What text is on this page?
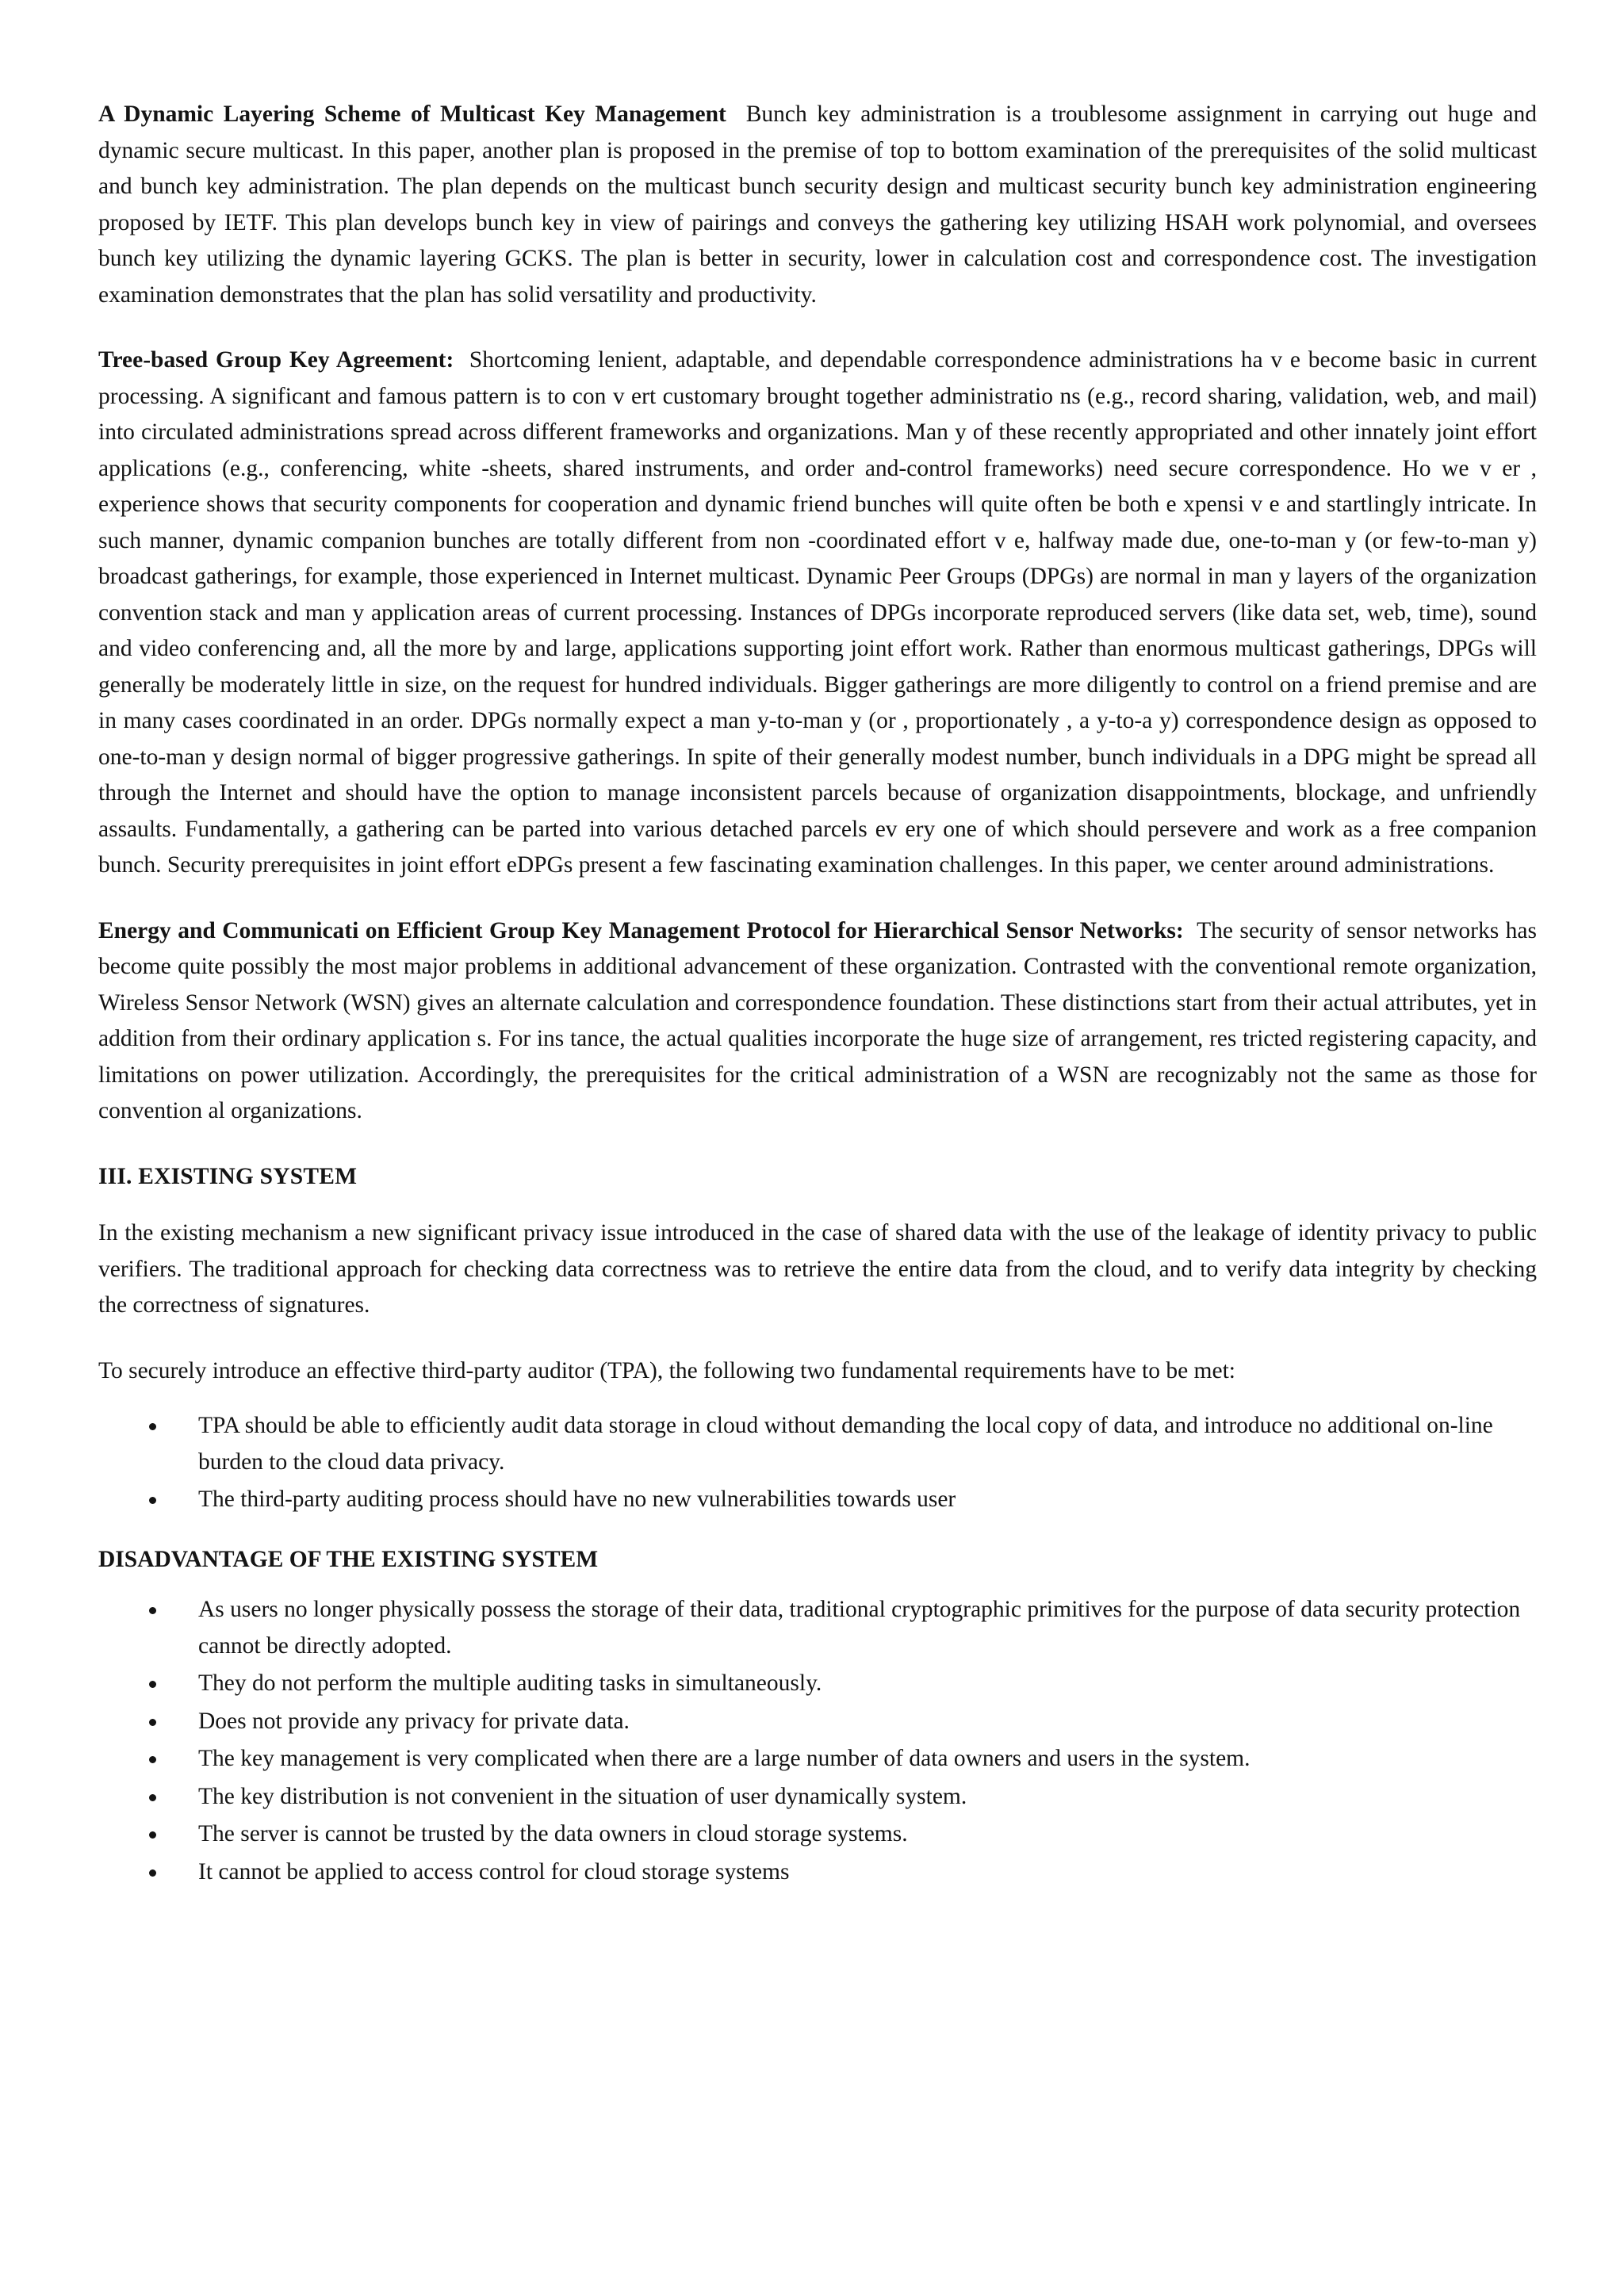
A Dynamic Layering Scheme of Multicast Key Management Bunch key administration is a troublesome assignment in carrying out huge and dynamic secure multicast. In this paper, another plan is proposed in the premise of top to bottom examination of the prerequisites of the solid multicast and bunch key administration. The plan depends on the multicast bunch security design and multicast security bunch key administration engineering proposed by IETF. This plan develops bunch key in view of pairings and conveys the gathering key utilizing HSAH work polynomial, and oversees bunch key utilizing the dynamic layering GCKS. The plan is better in security, lower in calculation cost and correspondence cost. The investigation examination demonstrates that the plan has solid versatility and productivity.

Tree-based Group Key Agreement: Shortcoming lenient, adaptable, and dependable correspondence administrations ha v e become basic in current processing. A significant and famous pattern is to con v ert customary brought together administratio ns (e.g., record sharing, validation, web, and mail) into circulated administrations spread across different frameworks and organizations. Man y of these recently appropriated and other innately joint effort applications (e.g., conferencing, white -sheets, shared instruments, and order and-control frameworks) need secure correspondence. Ho we v er , experience shows that security components for cooperation and dynamic friend bunches will quite often be both e xpensi v e and startlingly intricate. In such manner, dynamic companion bunches are totally different from non -coordinated effort v e, halfway made due, one-to-man y (or few-to-man y) broadcast gatherings, for example, those experienced in Internet multicast. Dynamic Peer Groups (DPGs) are normal in man y layers of the organization convention stack and man y application areas of current processing. Instances of DPGs incorporate reproduced servers (like data set, web, time), sound and video conferencing and, all the more by and large, applications supporting joint effort work. Rather than enormous multicast gatherings, DPGs will generally be moderately little in size, on the request for hundred individuals. Bigger gatherings are more diligently to control on a friend premise and are in many cases coordinated in an order. DPGs normally expect a man y-to-man y (or , proportionately , a y-to-a y) correspondence design as opposed to one-to-man y design normal of bigger progressive gatherings. In spite of their generally modest number, bunch individuals in a DPG might be spread all through the Internet and should have the option to manage inconsistent parcels because of organization disappointments, blockage, and unfriendly assaults. Fundamentally, a gathering can be parted into various detached parcels ev ery one of which should persevere and work as a free companion bunch. Security prerequisites in joint effort eDPGs present a few fascinating examination challenges. In this paper, we center around administrations.

Energy and Communicati on Efficient Group Key Management Protocol for Hierarchical Sensor Networks: The security of sensor networks has become quite possibly the most major problems in additional advancement of these organization. Contrasted with the conventional remote organization, Wireless Sensor Network (WSN) gives an alternate calculation and correspondence foundation. These distinctions start from their actual attributes, yet in addition from their ordinary application s. For ins tance, the actual qualities incorporate the huge size of arrangement, res tricted registering capacity, and limitations on power utilization. Accordingly, the prerequisites for the critical administration of a WSN are recognizably not the same as those for convention al organizations.

III. EXISTING SYSTEM

In the existing mechanism a new significant privacy issue introduced in the case of shared data with the use of the leakage of identity privacy to public verifiers. The traditional approach for checking data correctness was to retrieve the entire data from the cloud, and to verify data integrity by checking the correctness of signatures.

To securely introduce an effective third-party auditor (TPA), the following two fundamental requirements have to be met:

TPA should be able to efficiently audit data storage in cloud without demanding the local copy of data, and introduce no additional on-line burden to the cloud data privacy.
The third-party auditing process should have no new vulnerabilities towards user

DISADVANTAGE OF THE EXISTING SYSTEM

As users no longer physically possess the storage of their data, traditional cryptographic primitives for the purpose of data security protection cannot be directly adopted.
They do not perform the multiple auditing tasks in simultaneously.
Does not provide any privacy for private data.
The key management is very complicated when there are a large number of data owners and users in the system.
The key distribution is not convenient in the situation of user dynamically system.
The server is cannot be trusted by the data owners in cloud storage systems.
It cannot be applied to access control for cloud storage systems
